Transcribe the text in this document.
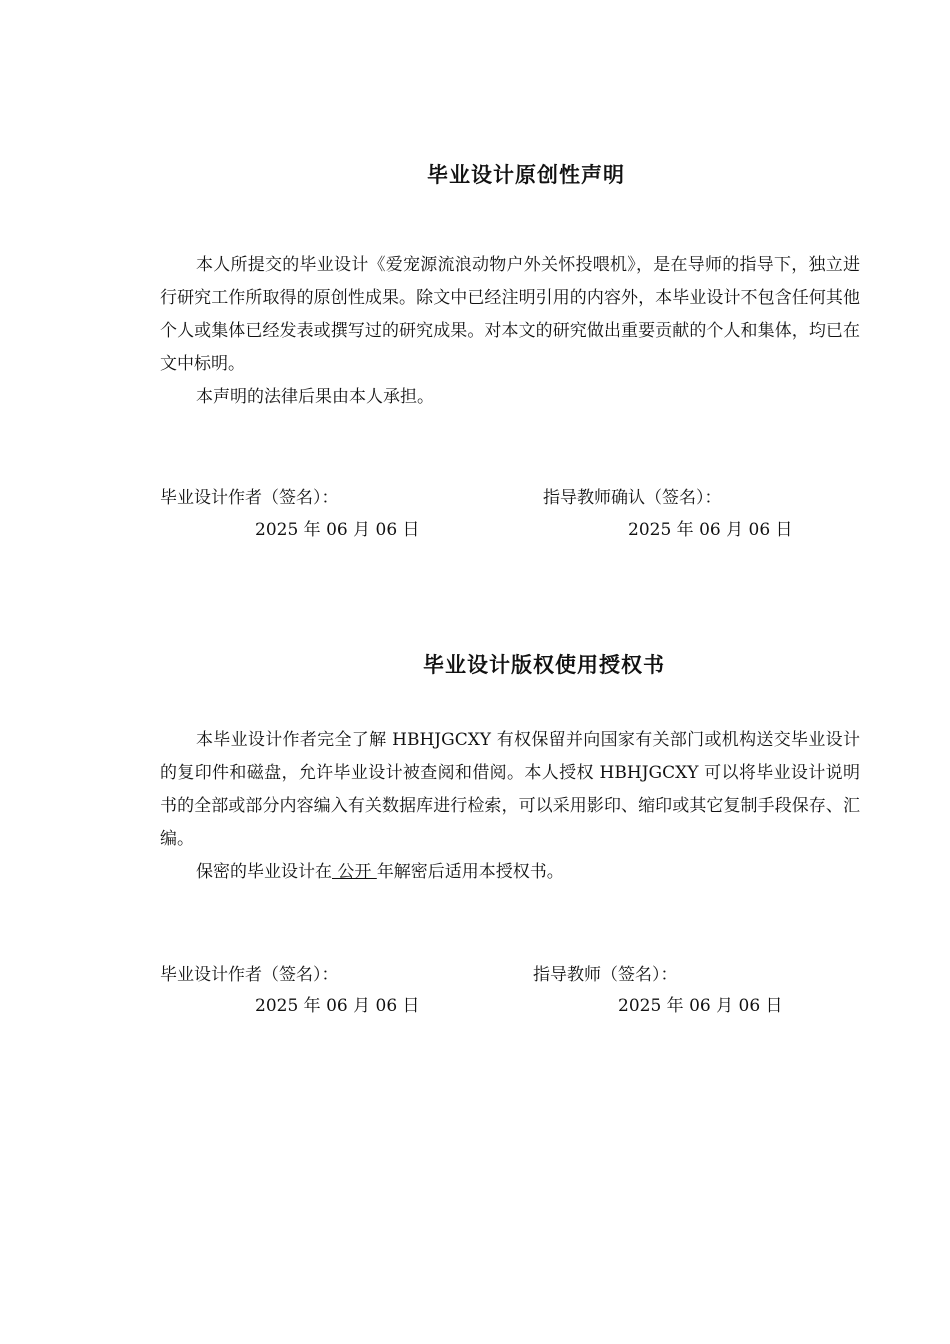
毕业设计原创性声明

本人所提交的毕业设计《爱宠源流浪动物户外关怀投喂机》，是在导师的指导下，独立进行研究工作所取得的原创性成果。除文中已经注明引用的内容外，本毕业设计不包含任何其他个人或集体已经发表或撰写过的研究成果。对本文的研究做出重要贡献的个人和集体，均已在文中标明。

本声明的法律后果由本人承担。

毕业设计作者（签名）：	指导教师确认（签名）：
2025 年 06 月 06 日	2025 年 06 月 06 日
毕业设计版权使用授权书

本毕业设计作者完全了解 HBHJGCXY 有权保留并向国家有关部门或机构送交毕业设计的复印件和磁盘，允许毕业设计被查阅和借阅。本人授权 HBHJGCXY 可以将毕业设计说明书的全部或部分内容编入有关数据库进行检索，可以采用影印、缩印或其它复制手段保存、汇编。

保密的毕业设计在 公开 年解密后适用本授权书。

毕业设计作者（签名）：	指导教师（签名）：
2025 年 06 月 06 日	2025 年 06 月 06 日
